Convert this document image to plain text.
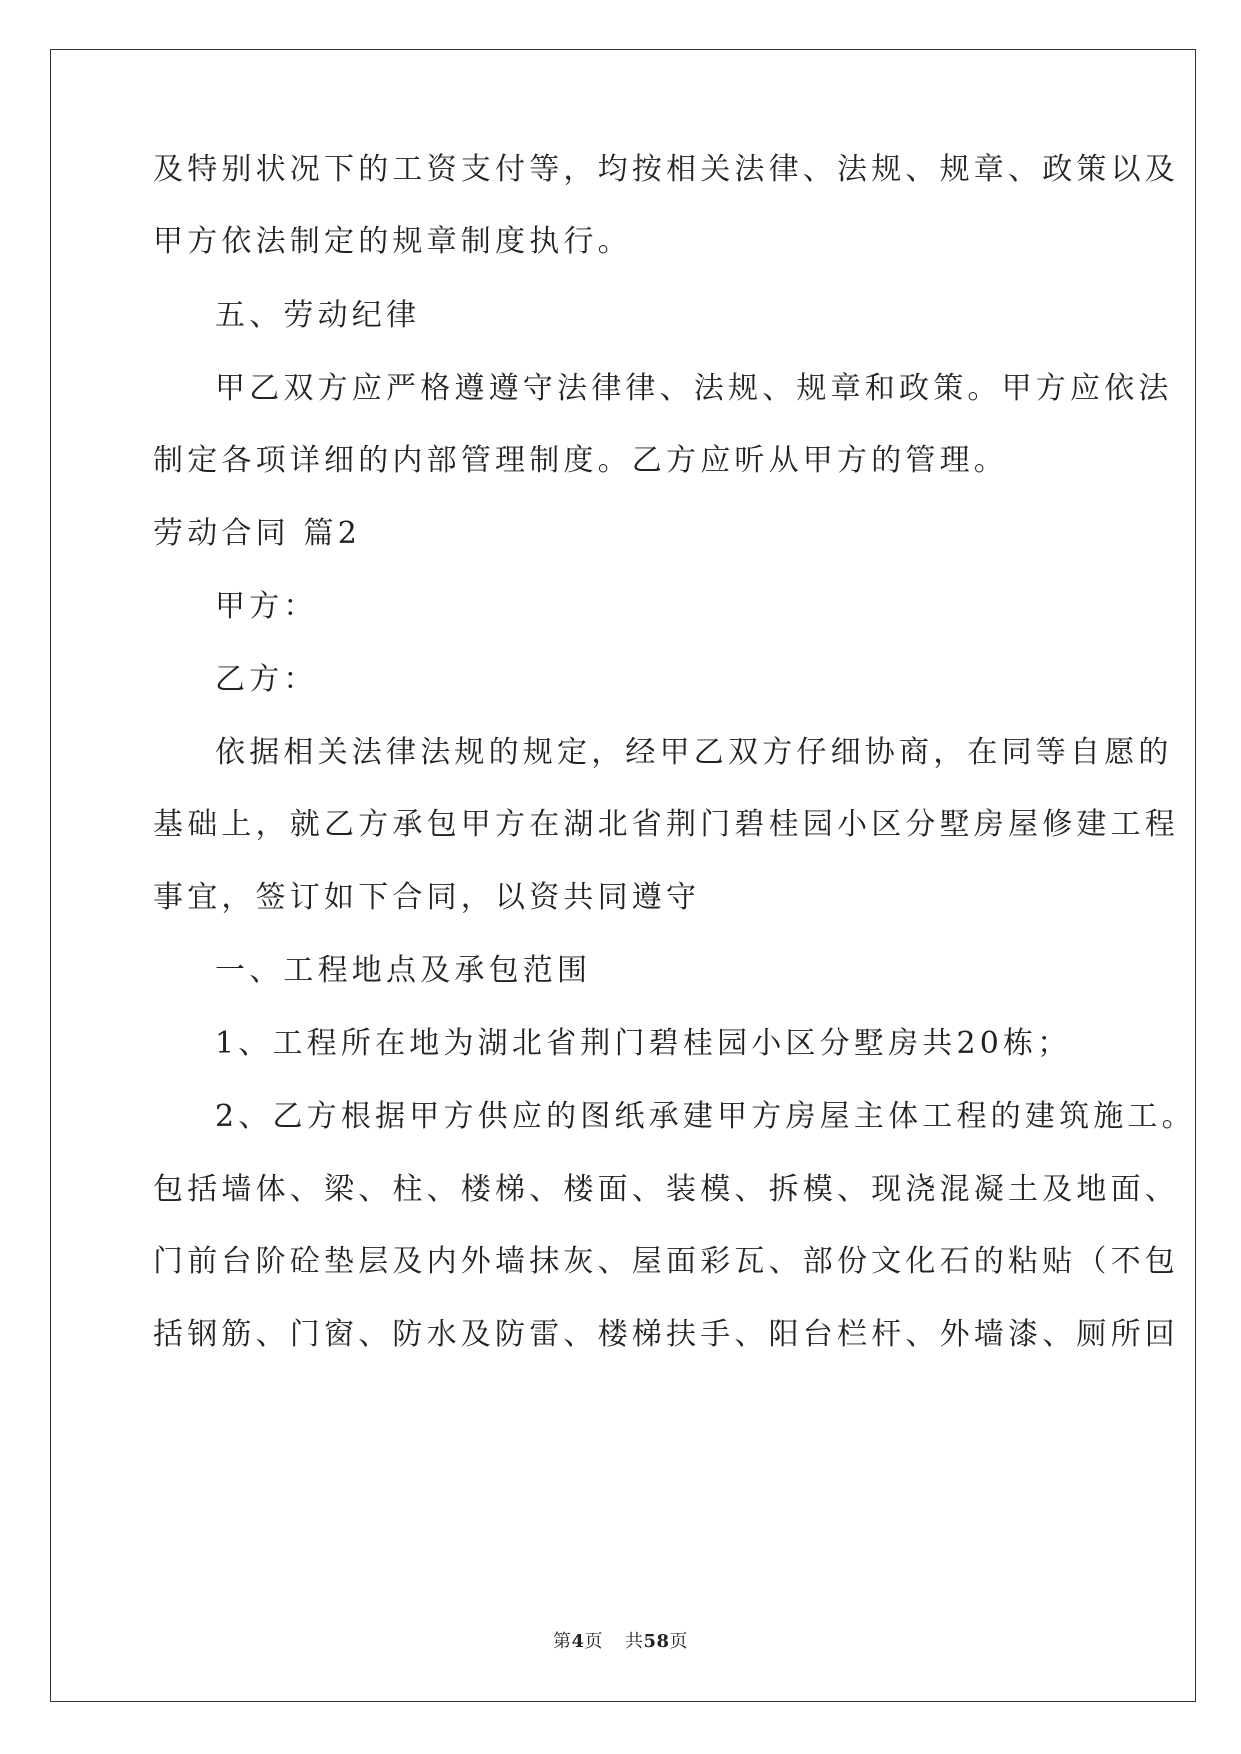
及特别状况下的工资支付等，均按相关法律、法规、规章、政策以及
甲方依法制定的规章制度执行。
五、劳动纪律
甲乙双方应严格遵遵守法律律、法规、规章和政策。甲方应依法
制定各项详细的内部管理制度。乙方应听从甲方的管理。
劳动合同 篇2
甲方：
乙方：
依据相关法律法规的规定，经甲乙双方仔细协商，在同等自愿的
基础上，就乙方承包甲方在湖北省荆门碧桂园小区分墅房屋修建工程
事宜，签订如下合同，以资共同遵守
一、工程地点及承包范围
1、工程所在地为湖北省荆门碧桂园小区分墅房共20栋；
2、乙方根据甲方供应的图纸承建甲方房屋主体工程的建筑施工。
包括墙体、梁、柱、楼梯、楼面、装模、拆模、现浇混凝土及地面、
门前台阶砼垫层及内外墙抹灰、屋面彩瓦、部份文化石的粘贴（不包
括钢筋、门窗、防水及防雷、楼梯扶手、阳台栏杆、外墙漆、厕所回
第4页 共58页
